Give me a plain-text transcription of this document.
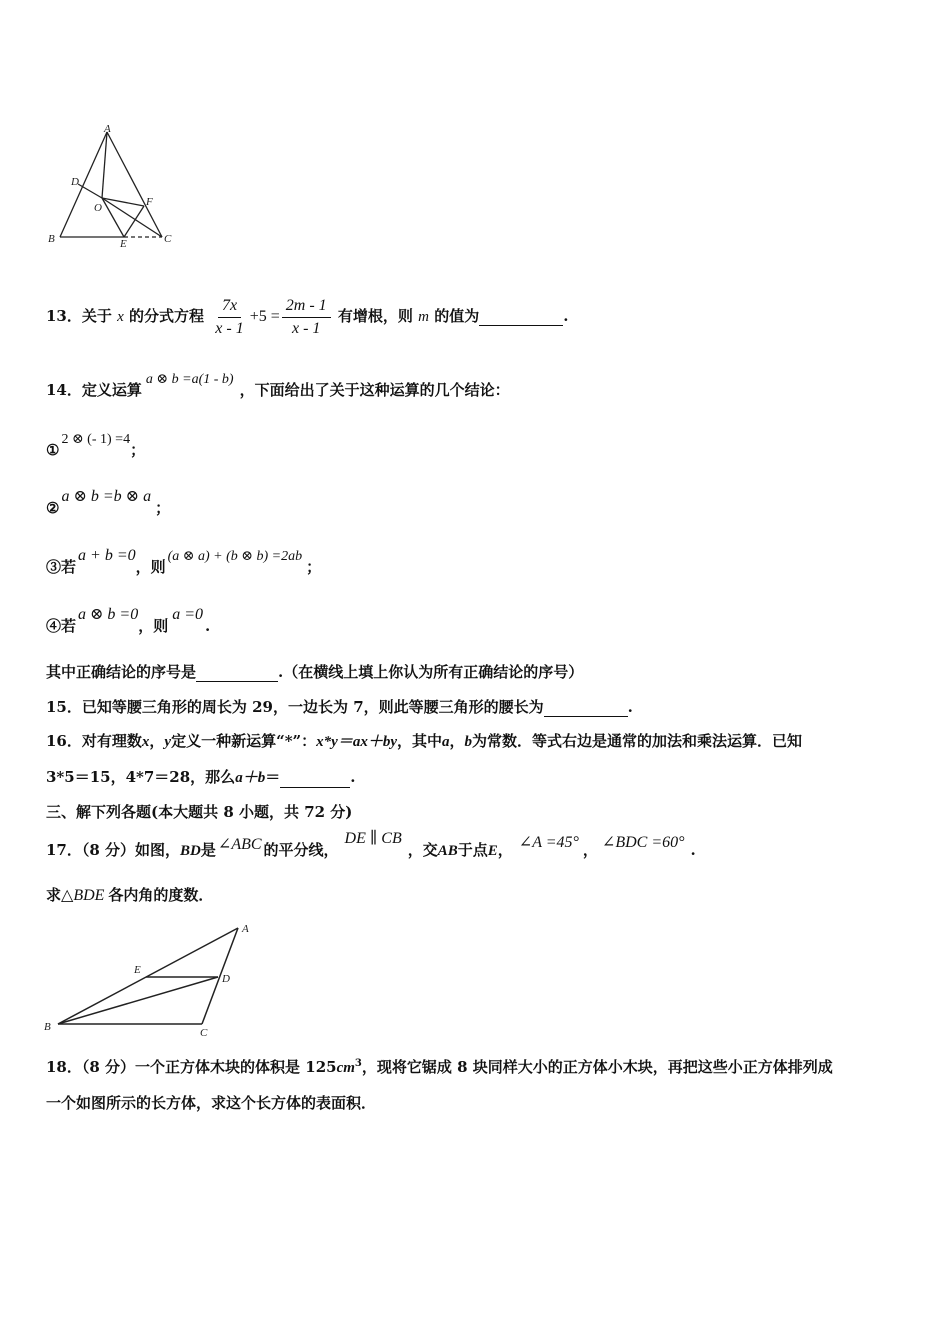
A
D
O	F
B	E	C
13．关于 x 的分式方程 $\frac{7x}{x - 1} +5 = \frac{2m - 1}{x - 1}$ 有增根，则 m 的值为	.
14．定义运算a ⊗ b =a(1 - b)，下面给出了关于这种运算的几个结论：
①2 ⊗ (- 1) =4；
②a ⊗ b =b ⊗ a；
③若a + b =0，则(a ⊗ a) + (b ⊗ b) =2ab；
④若a ⊗ b =0，则a =0.
其中正确结论的序号是	.（在横线上填上你认为所有正确结论的序号）
15．已知等腰三角形的周长为 29，一边长为 7，则此等腰三角形的腰长为	.
16．对有理数x，y定义一种新运算“*”：x*y＝ax＋by，其中a，b为常数．等式右边是通常的加法和乘法运算．已知
3*5＝15，4*7＝28，那么a＋b＝	.
三、解下列各题(本大题共 8 小题，共 72 分)
17．（8 分）如图，BD是 ∠ABC 的平分线，DE ∥ CB，交AB于点E， ∠A =45° ， ∠BDC =60° .
求△BDE 各内角的度数．
A
E
D
B	C
18．（8 分）一个正方体木块的体积是 $125cm^3$，现将它锯成 8 块同样大小的正方体小木块，再把这些小正方体排列成
一个如图所示的长方体，求这个长方体的表面积．
